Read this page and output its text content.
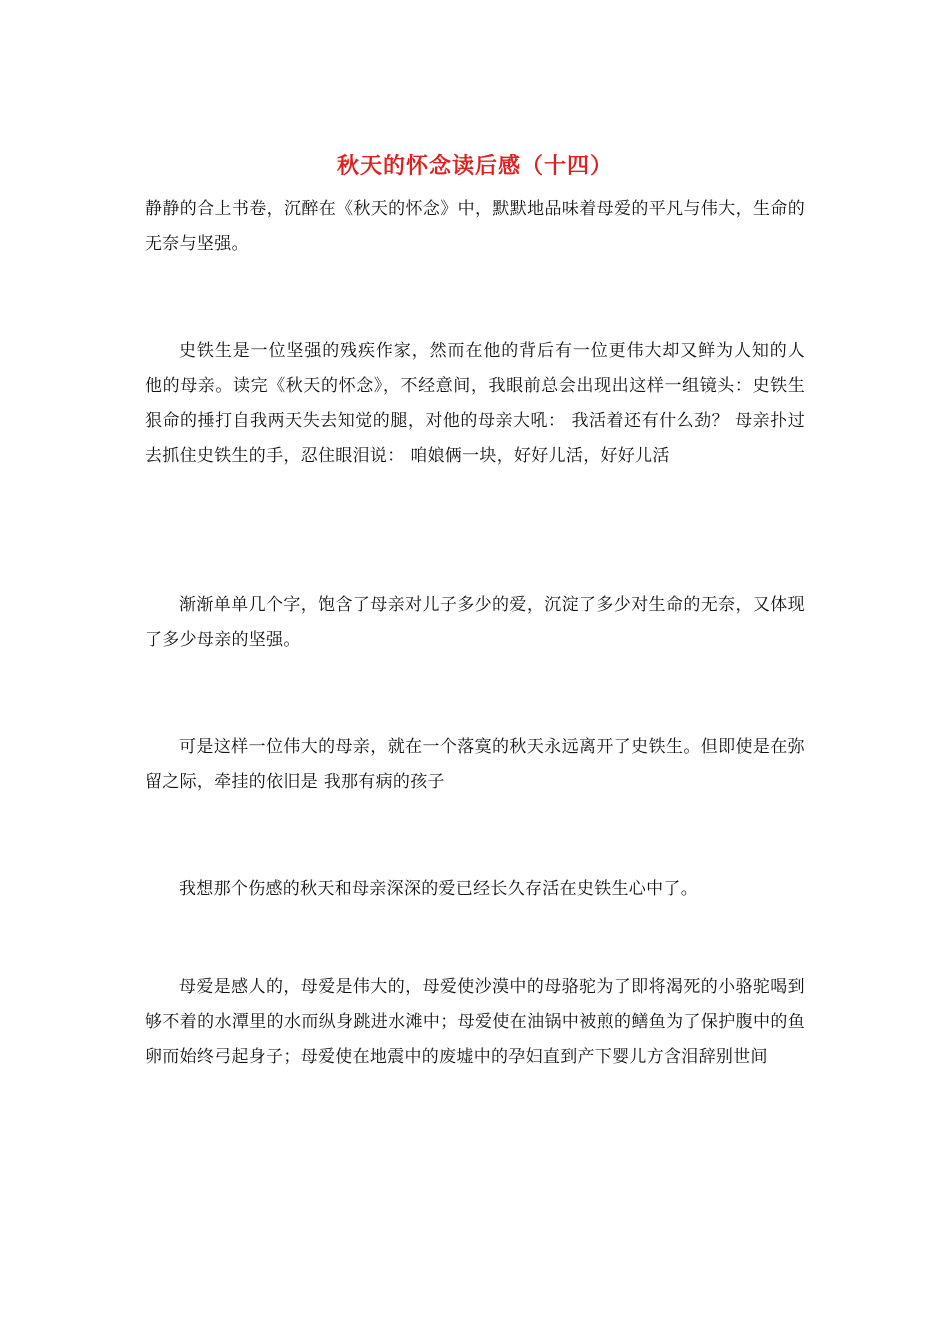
秋天的怀念读后感（十四）

静静的合上书卷，沉醉在《秋天的怀念》中，默默地品味着母爱的平凡与伟大，生命的无奈与坚强。

史铁生是一位坚强的残疾作家，然而在他的背后有一位更伟大却又鲜为人知的人 他的母亲。读完《秋天的怀念》，不经意间，我眼前总会出现出这样一组镜头：史铁生狠命的捶打自我两天失去知觉的腿，对他的母亲大吼： 我活着还有什么劲？ 母亲扑过去抓住史铁生的手，忍住眼泪说： 咱娘俩一块，好好儿活，好好儿活

渐渐单单几个字，饱含了母亲对儿子多少的爱，沉淀了多少对生命的无奈，又体现了多少母亲的坚强。

可是这样一位伟大的母亲，就在一个落寞的秋天永远离开了史铁生。但即使是在弥留之际，牵挂的依旧是 我那有病的孩子

我想那个伤感的秋天和母亲深深的爱已经长久存活在史铁生心中了。

母爱是感人的，母爱是伟大的，母爱使沙漠中的母骆驼为了即将渴死的小骆驼喝到够不着的水潭里的水而纵身跳进水滩中；母爱使在油锅中被煎的鳝鱼为了保护腹中的鱼卵而始终弓起身子；母爱使在地震中的废墟中的孕妇直到产下婴儿方含泪辞别世间
